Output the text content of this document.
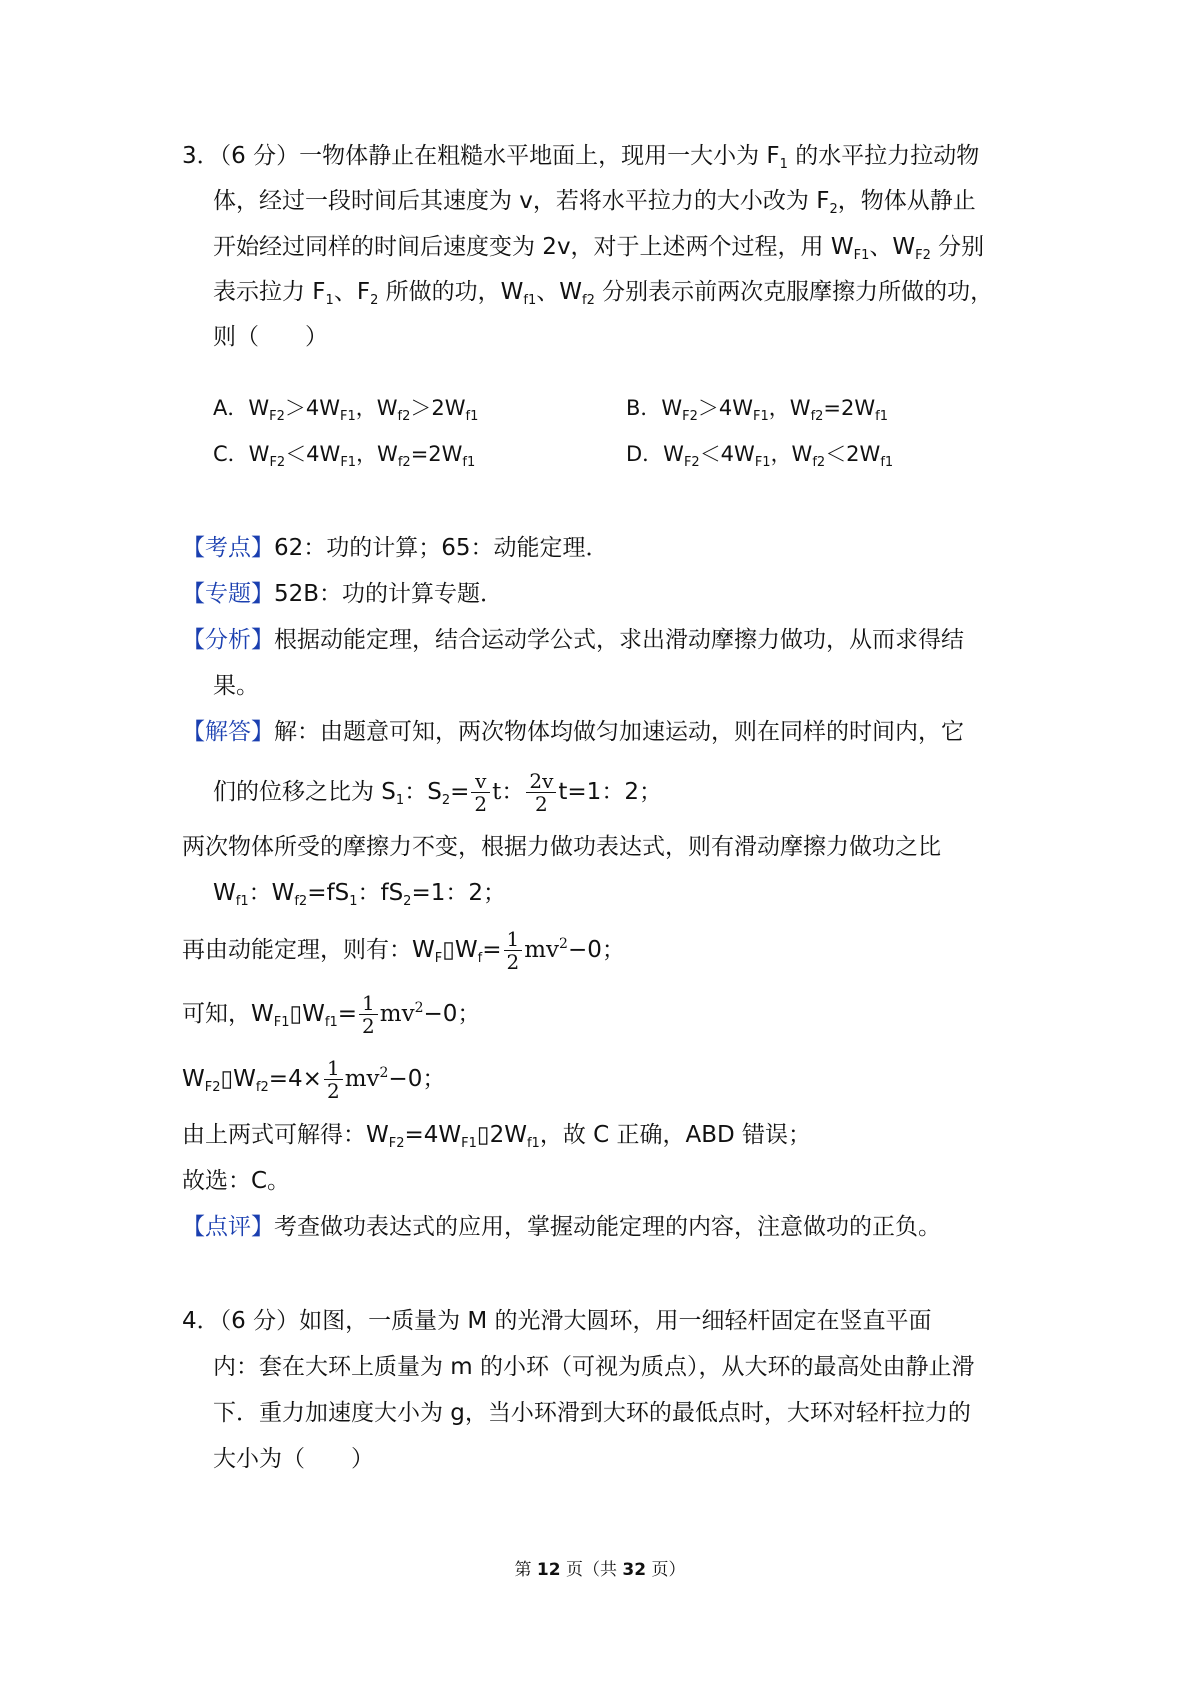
3．（6 分）一物体静止在粗糙水平地面上，现用一大小为 $F_1$ 的水平拉力拉动物
体，经过一段时间后其速度为 v，若将水平拉力的大小改为 $F_2$，物体从静止
开始经过同样的时间后速度变为 2v，对于上述两个过程，用 $W_{F1}$、$W_{F2}$ 分别
表示拉力 $F_1$、$F_2$ 所做的功，$W_{f1}$、$W_{f2}$ 分别表示前两次克服摩擦力所做的功，
则（　　）
A．$W_{F2}>4W_{F1}$，$W_{f2}>2W_{f1}$	B．$W_{F2}>4W_{F1}$，$W_{f2}=2W_{f1}$
C．$W_{F2}<4W_{F1}$，$W_{f2}=2W_{f1}$	D．$W_{F2}<4W_{F1}$，$W_{f2}<2W_{f1}$
【考点】62：功的计算；65：动能定理．
【专题】52B：功的计算专题．
【分析】根据动能定理，结合运动学公式，求出滑动摩擦力做功，从而求得结
果。
【解答】解：由题意可知，两次物体均做匀加速运动，则在同样的时间内，它
们的位移之比为 $S_1$：$S_2= \frac{v}{2}$ t： $\frac{2v}{2} t=1$：2；
两次物体所受的摩擦力不变，根据力做功表达式，则有滑动摩擦力做功之比
$W_{f1}$：$W_{f2}=fS_1$：$fS_2=1$：2；
再由动能定理，则有：$W_F▯W_f= \frac{1}{2} mv^2-0$；
可知，$W_{F1}▯W_{f1}= \frac{1}{2} mv^2-0$；
$W_{F2}▯W_{f2}=4\times \frac{1}{2} mv^2-0$；
由上两式可解得：$W_{F2}=4W_{F1}▯2W_{f1}$，故 C 正确，ABD 错误；
故选：C。
【点评】考查做功表达式的应用，掌握动能定理的内容，注意做功的正负。
4．（6 分）如图，一质量为 M 的光滑大圆环，用一细轻杆固定在竖直平面
内：套在大环上质量为 m 的小环（可视为质点），从大环的最高处由静止滑
下．重力加速度大小为 g，当小环滑到大环的最低点时，大环对轻杆拉力的
大小为（　　）
第 12 页（共 32 页）
